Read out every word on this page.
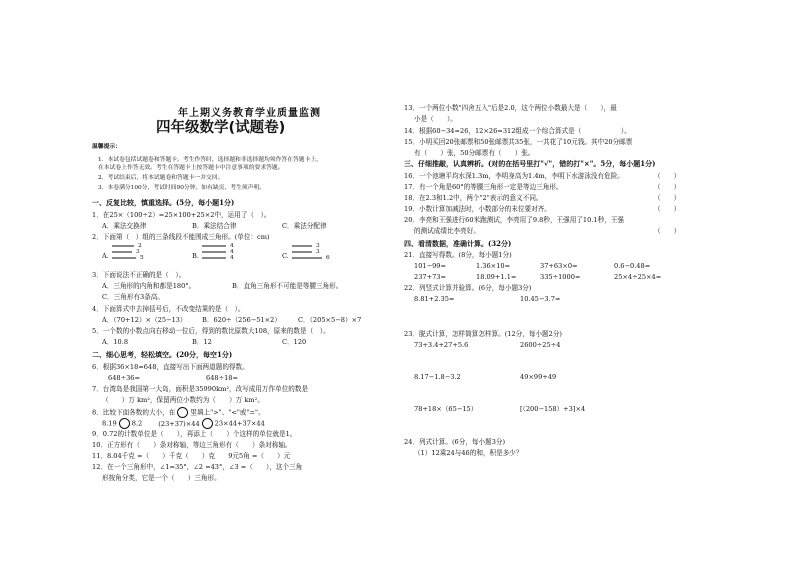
年上期义务教育学业质量监测
四年级数学(试题卷)
温馨提示：
1．本试卷包括试题卷和答题卡。考生作答时，选择题和非选择题均须作答在答题卡上，
在本试卷上作答无效。考生在答题卡上按答题卡中注意事项的要求答题。
2．考试结束后，将本试题卷和答题卡一并交回。
3．本卷满分100分，考试时间90分钟。如有缺页，考生须声明。
一、反复比较，慎重选择。(5分，每小题1分)
1．在25×（100÷2）=25×100+25×2中，运用了（　）。
A．乘法交换律	B．乘法结合律	C．乘法分配律
2．下面第（　）组的三条线段不能围成三角形。(单位：cm)
A.	B.	C.
2
3
5
4
4
4
3
3
6
3．下面说法不正确的是（　）。
A．三角形的内角和都是180°。	B．直角三角形不可能是等腰三角形。
C．三角形有3条高。
4．下面算式中去掉括号后，不改变结果的是（　）。
A．（70+12）×（25−13） B．620÷（256−51×2）	C．（205×5−8）×7
5．一个数的小数点向右移动一位后，得到的数比原数大108，原来的数是（　）。
A．10.8	B．12	C．120
二、细心思考，轻松填空。(20分，每空1分)
6．根据36×18=648，直接写出下面两道题的得数。
648÷36=	648÷18=
7．台湾岛是我国第一大岛，面积是35990km²，改写成用万作单位的数是
（　　）万 km²，保留两位小数约为（　　）万 km²。
8．比较下面各数的大小，在 里填上">"、"<"或"="。
8.19 8.2 (23+37)×44 23×44+37×44
9．0.72的计数单位是（　　），再添上（　　）个这样的单位就是1。
10．正方形有（　　）条对称轴，等边三角形有（　　）条对称轴。
11．8.04千克 =（　　）千克（　　）克　　9元5角 =（　　）元
12．在一个三角形中，∠1=35°，∠2 =43°，∠3 =（　　），这个三角
形按角分类，它是一个（　　）三角形。
13．一个两位小数"四舍五入"后是2.0，这个两位小数最大是（　　），最
小是（　　）。
14．根据60−34=26，12×26=312组成一个综合算式是（　　　　　　）。
15．小明买回20张邮票和50张邮票共35张，一共花了10元钱。其中20分邮票
有（　　）张，50分邮票有（　　）张。
三、仔细推敲，认真辨析。(对的在括号里打"√"，错的打"×"。5分，每小题1分)
16．一个池塘平均水深1.3m，李明身高为1.4m，李明下水游泳没有危险。	（　　）
17．有一个角是60°的等腰三角形一定是等边三角形。	（　　）
18．在2.3和1.2中，两个"2"表示的意义不同。	（　　）
19．小数计算加减法时，小数部分的末位要对齐。	（　　）
20．李亮和王强进行60米跑测试，李亮用了9.8秒，王强用了10.1秒，王强
的测试成绩比李亮好。	（　　）
四、看清数据，准确计算。(32分)
21．直接写得数。(8分，每小题1分)
101−99=	1.36×10=	37+63×0=	0.6−0.48=
237+73=	18.09+1.1=	335÷1000=	25×4÷25×4=
22．列竖式计算并验算。(6分，每小题3分)
8.81+2.35=	10.45−3.7=
23．脱式计算，怎样简算怎样算。(12分，每小题2分)
73+3.4+27+5.6	2600÷25÷4
8.17−1.8−3.2	49×99+49
78+18×（65−15）	[（200−158）+3]×4
24．列式计算。(6分，每小题3分)
（1）12乘24与46的和，积是多少？
